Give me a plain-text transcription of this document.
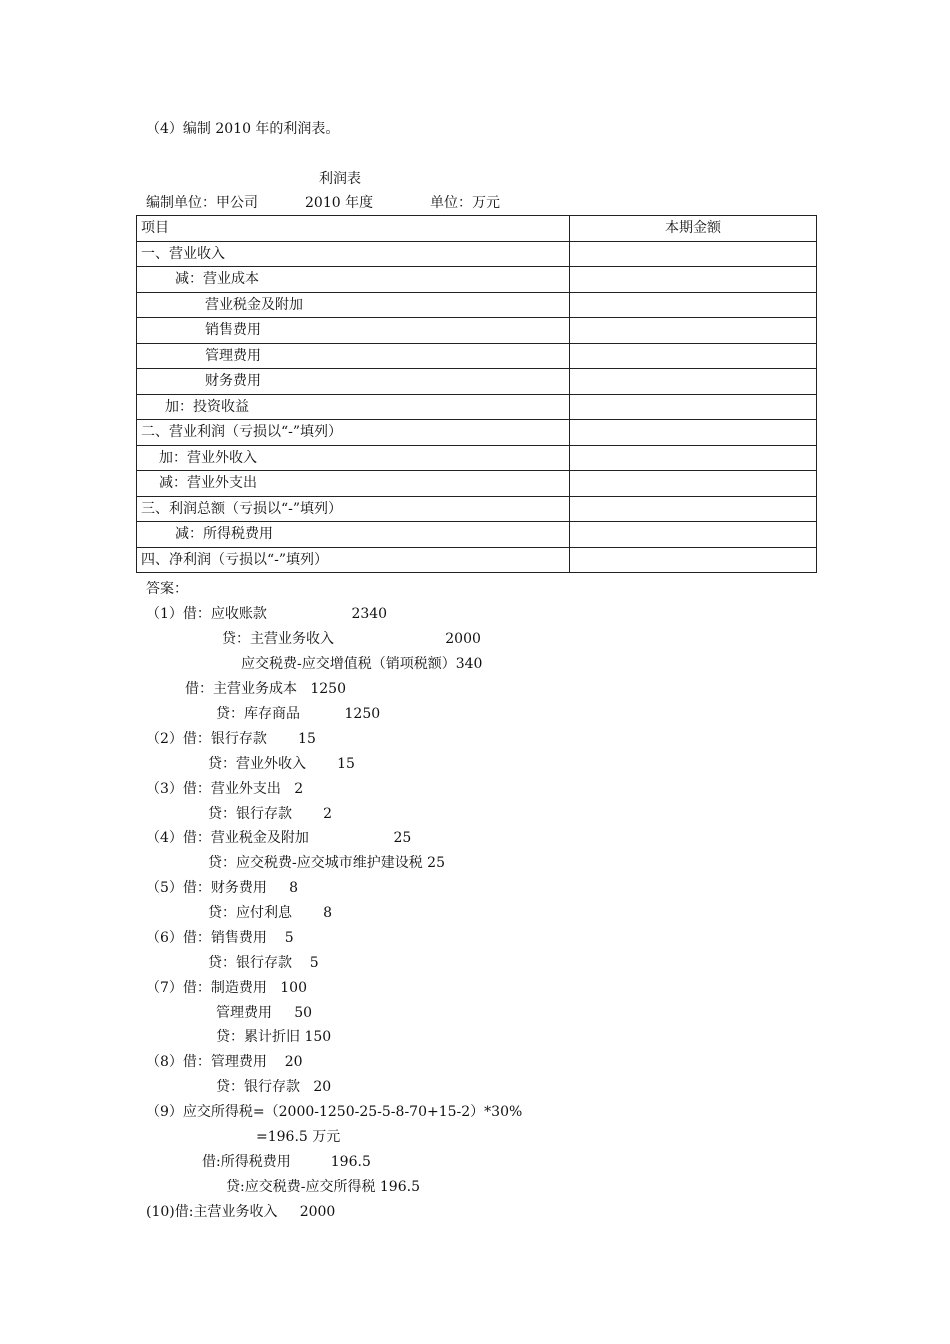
（4）编制 2010 年的利润表。
利润表
编制单位：甲公司	2010 年度	单位：万元
项目	本期金额
一、营业收入	
减：营业成本	
营业税金及附加	
销售费用	
管理费用	
财务费用	
加：投资收益	
二、营业利润（亏损以“-”填列）	
加：营业外收入	
减：营业外支出	
三、利润总额（亏损以“-”填列）	
减：所得税费用	
四、净利润（亏损以“-”填列）	
答案：
（1）借：应收账款                   2340
贷：主营业务收入                         2000
应交税费-应交增值税（销项税额）340
借：主营业务成本   1250
贷：库存商品          1250
（2）借：银行存款       15
贷：营业外收入       15
（3）借：营业外支出   2
贷：银行存款       2
（4）借：营业税金及附加                   25
贷：应交税费-应交城市维护建设税 25
（5）借：财务费用     8
贷：应付利息       8
（6）借：销售费用    5
贷：银行存款    5
（7）借：制造费用   100
管理费用     50
贷：累计折旧 150
（8）借：管理费用    20
贷：银行存款   20
（9）应交所得税=（2000-1250-25-5-8-70+15-2）*30%
=196.5 万元
借:所得税费用         196.5
贷:应交税费-应交所得税 196.5
(10)借:主营业务收入     2000
